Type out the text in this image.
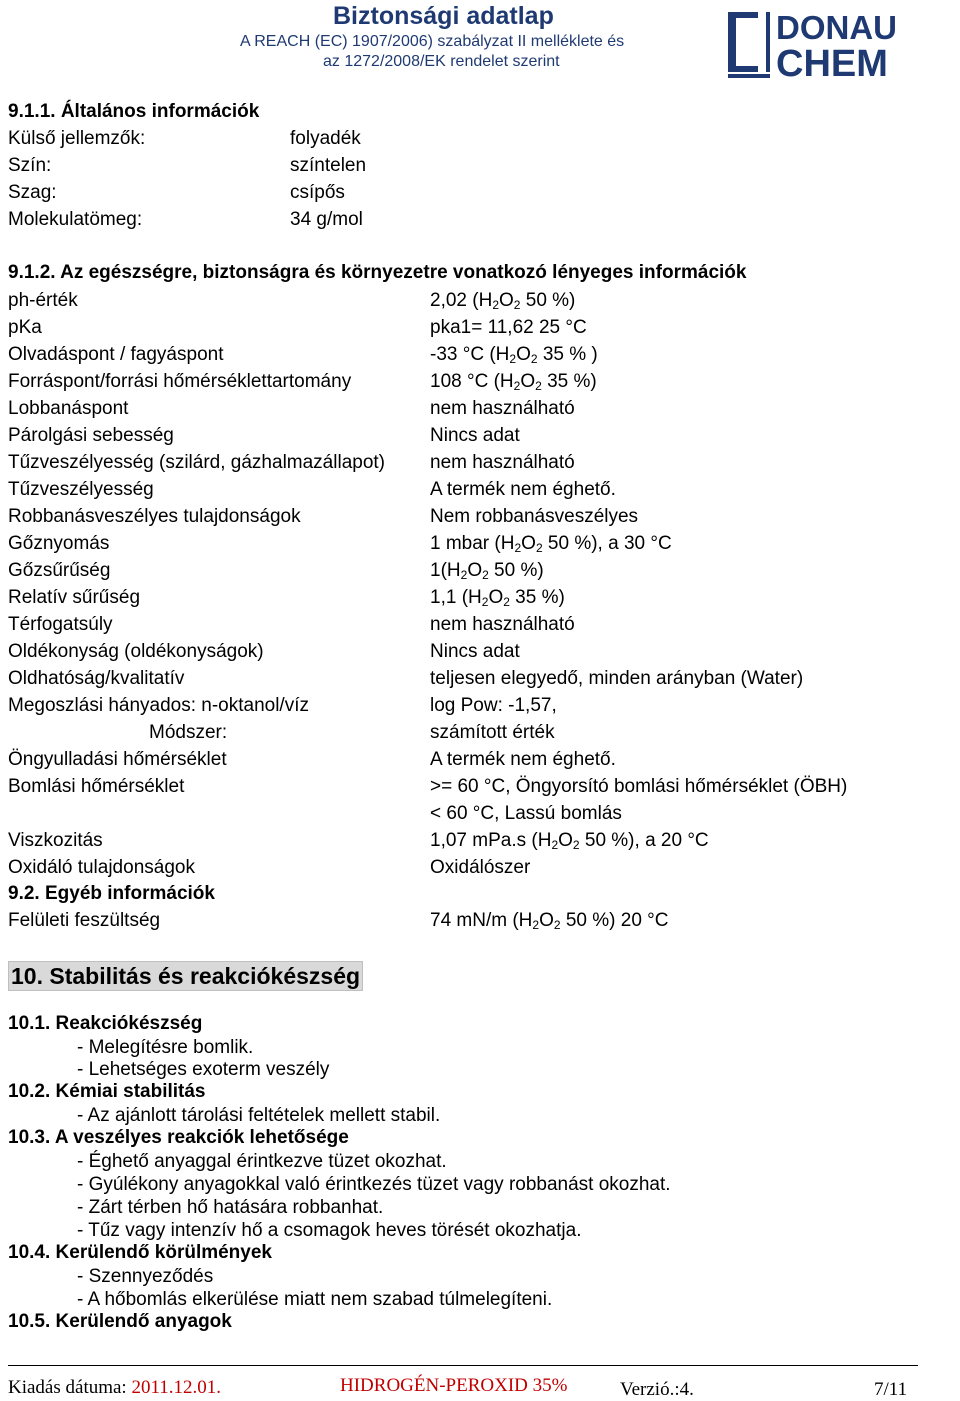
Biztonsági adatlap
A REACH (EC) 1907/2006) szabályzat II melléklete és
az 1272/2008/EK rendelet szerint
DONAU
CHEM
9.1.1. Általános információk
Külső jellemzők:	folyadék
Szín:	színtelen
Szag:	csípős
Molekulatömeg:	34 g/mol
9.1.2. Az egészségre, biztonságra és környezetre vonatkozó lényeges információk
ph-érték	2,02 (H2O2 50 %)
pKa	pka1= 11,62 25 °C
Olvadáspont / fagyáspont	-33 °C (H2O2 35 % )
Forráspont/forrási hőmérséklettartomány	108 °C (H2O2 35 %)
Lobbanáspont	nem használható
Párolgási sebesség	Nincs adat
Tűzveszélyesség (szilárd, gázhalmazállapot) nem használható
Tűzveszélyesség	A termék nem éghető.
Robbanásveszélyes tulajdonságok	Nem robbanásveszélyes
Gőznyomás	1 mbar (H2O2 50 %), a 30 °C
Gőzsűrűség	1(H2O2 50 %)
Relatív sűrűség	1,1 (H2O2 35 %)
Térfogatsúly	nem használható
Oldékonyság (oldékonyságok)	Nincs adat
Oldhatóság/kvalitatív	teljesen elegyedő, minden arányban (Water)
Megoszlási hányados: n-oktanol/víz	log Pow: -1,57,
Módszer:	számított érték
Öngyulladási hőmérséklet	A termék nem éghető.
Bomlási hőmérséklet	>= 60 °C, Öngyorsító bomlási hőmérséklet (ÖBH)
< 60 °C, Lassú bomlás
Viszkozitás	1,07 mPa.s (H2O2 50 %), a 20 °C
Oxidáló tulajdonságok	Oxidálószer
9.2. Egyéb információk
Felületi feszültség	74 mN/m (H2O2 50 %) 20 °C
10. Stabilitás és reakciókészség
10.1. Reakciókészség
- Melegítésre bomlik.
- Lehetséges exoterm veszély
10.2. Kémiai stabilitás
- Az ajánlott tárolási feltételek mellett stabil.
10.3. A veszélyes reakciók lehetősége
- Éghető anyaggal érintkezve tüzet okozhat.
- Gyúlékony anyagokkal való érintkezés tüzet vagy robbanást okozhat.
- Zárt térben hő hatására robbanhat.
- Tűz vagy intenzív hő a csomagok heves törését okozhatja.
10.4. Kerülendő körülmények
- Szennyeződés
- A hőbomlás elkerülése miatt nem szabad túlmelegíteni.
10.5. Kerülendő anyagok
Kiadás dátuma: 2011.12.01.	HIDROGÉN-PEROXID 35%	Verzió.:4.	7/11
